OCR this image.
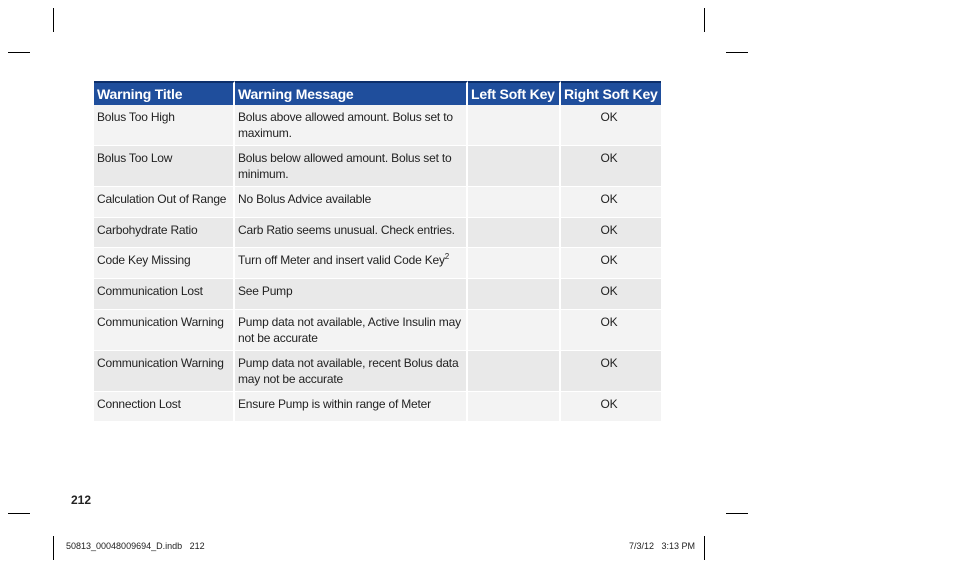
Warning Title	Warning Message	Left Soft Key	Right Soft Key
Bolus Too High	Bolus above allowed amount. Bolus set to maximum.		OK
Bolus Too Low	Bolus below allowed amount. Bolus set to minimum.		OK
Calculation Out of Range	No Bolus Advice available		OK
Carbohydrate Ratio	Carb Ratio seems unusual. Check entries.		OK
Code Key Missing	Turn off Meter and insert valid Code Key$^2$		OK
Communication Lost	See Pump		OK
Communication Warning	Pump data not available, Active Insulin may not be accurate		OK
Communication Warning	Pump data not available, recent Bolus data may not be accurate		OK
Connection Lost	Ensure Pump is within range of Meter		OK
212
50813_00048009694_D.indb   212	7/3/12   3:13 PM
